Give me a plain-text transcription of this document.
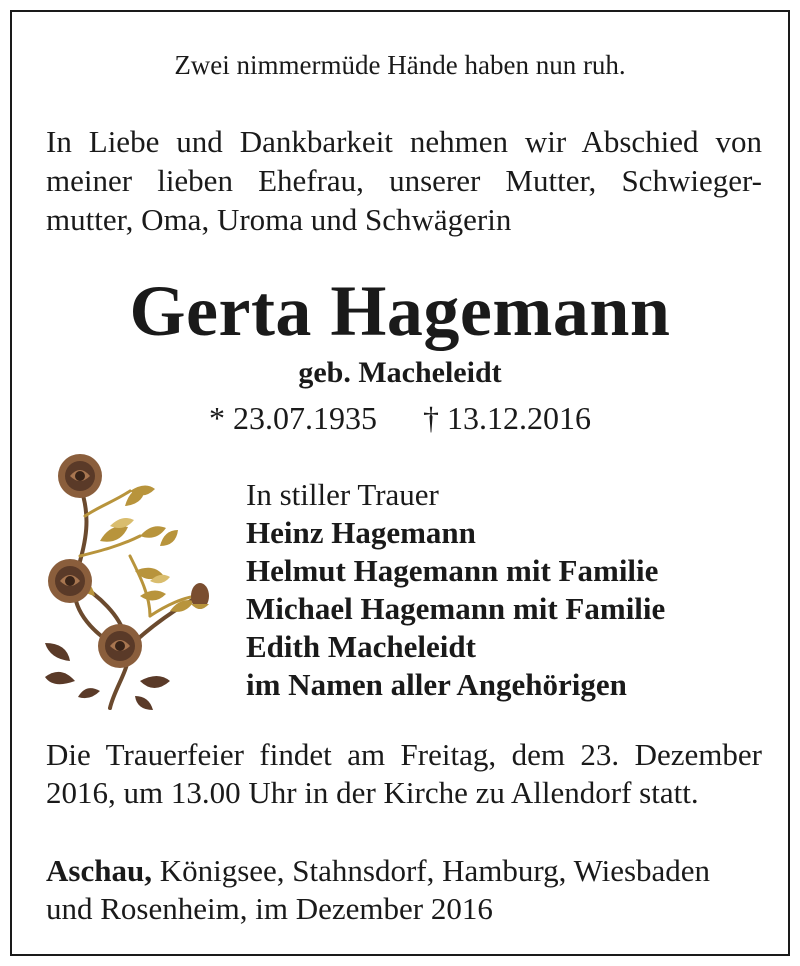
Zwei nimmermüde Hände haben nun ruh.
In Liebe und Dankbarkeit nehmen wir Abschied von
meiner lieben Ehefrau, unserer Mutter, Schwieger-
mutter, Oma, Uroma und Schwägerin
Gerta Hagemann
geb. Macheleidt
* 23.07.1935 † 13.12.2016
In stiller Trauer
Heinz Hagemann
Helmut Hagemann mit Familie
Michael Hagemann mit Familie
Edith Macheleidt
im Namen aller Angehörigen
Die Trauerfeier findet am Freitag, dem 23. Dezember
2016, um 13.00 Uhr in der Kirche zu Allendorf statt.
Aschau, Königsee, Stahnsdorf, Hamburg, Wiesbaden
und Rosenheim, im Dezember 2016
